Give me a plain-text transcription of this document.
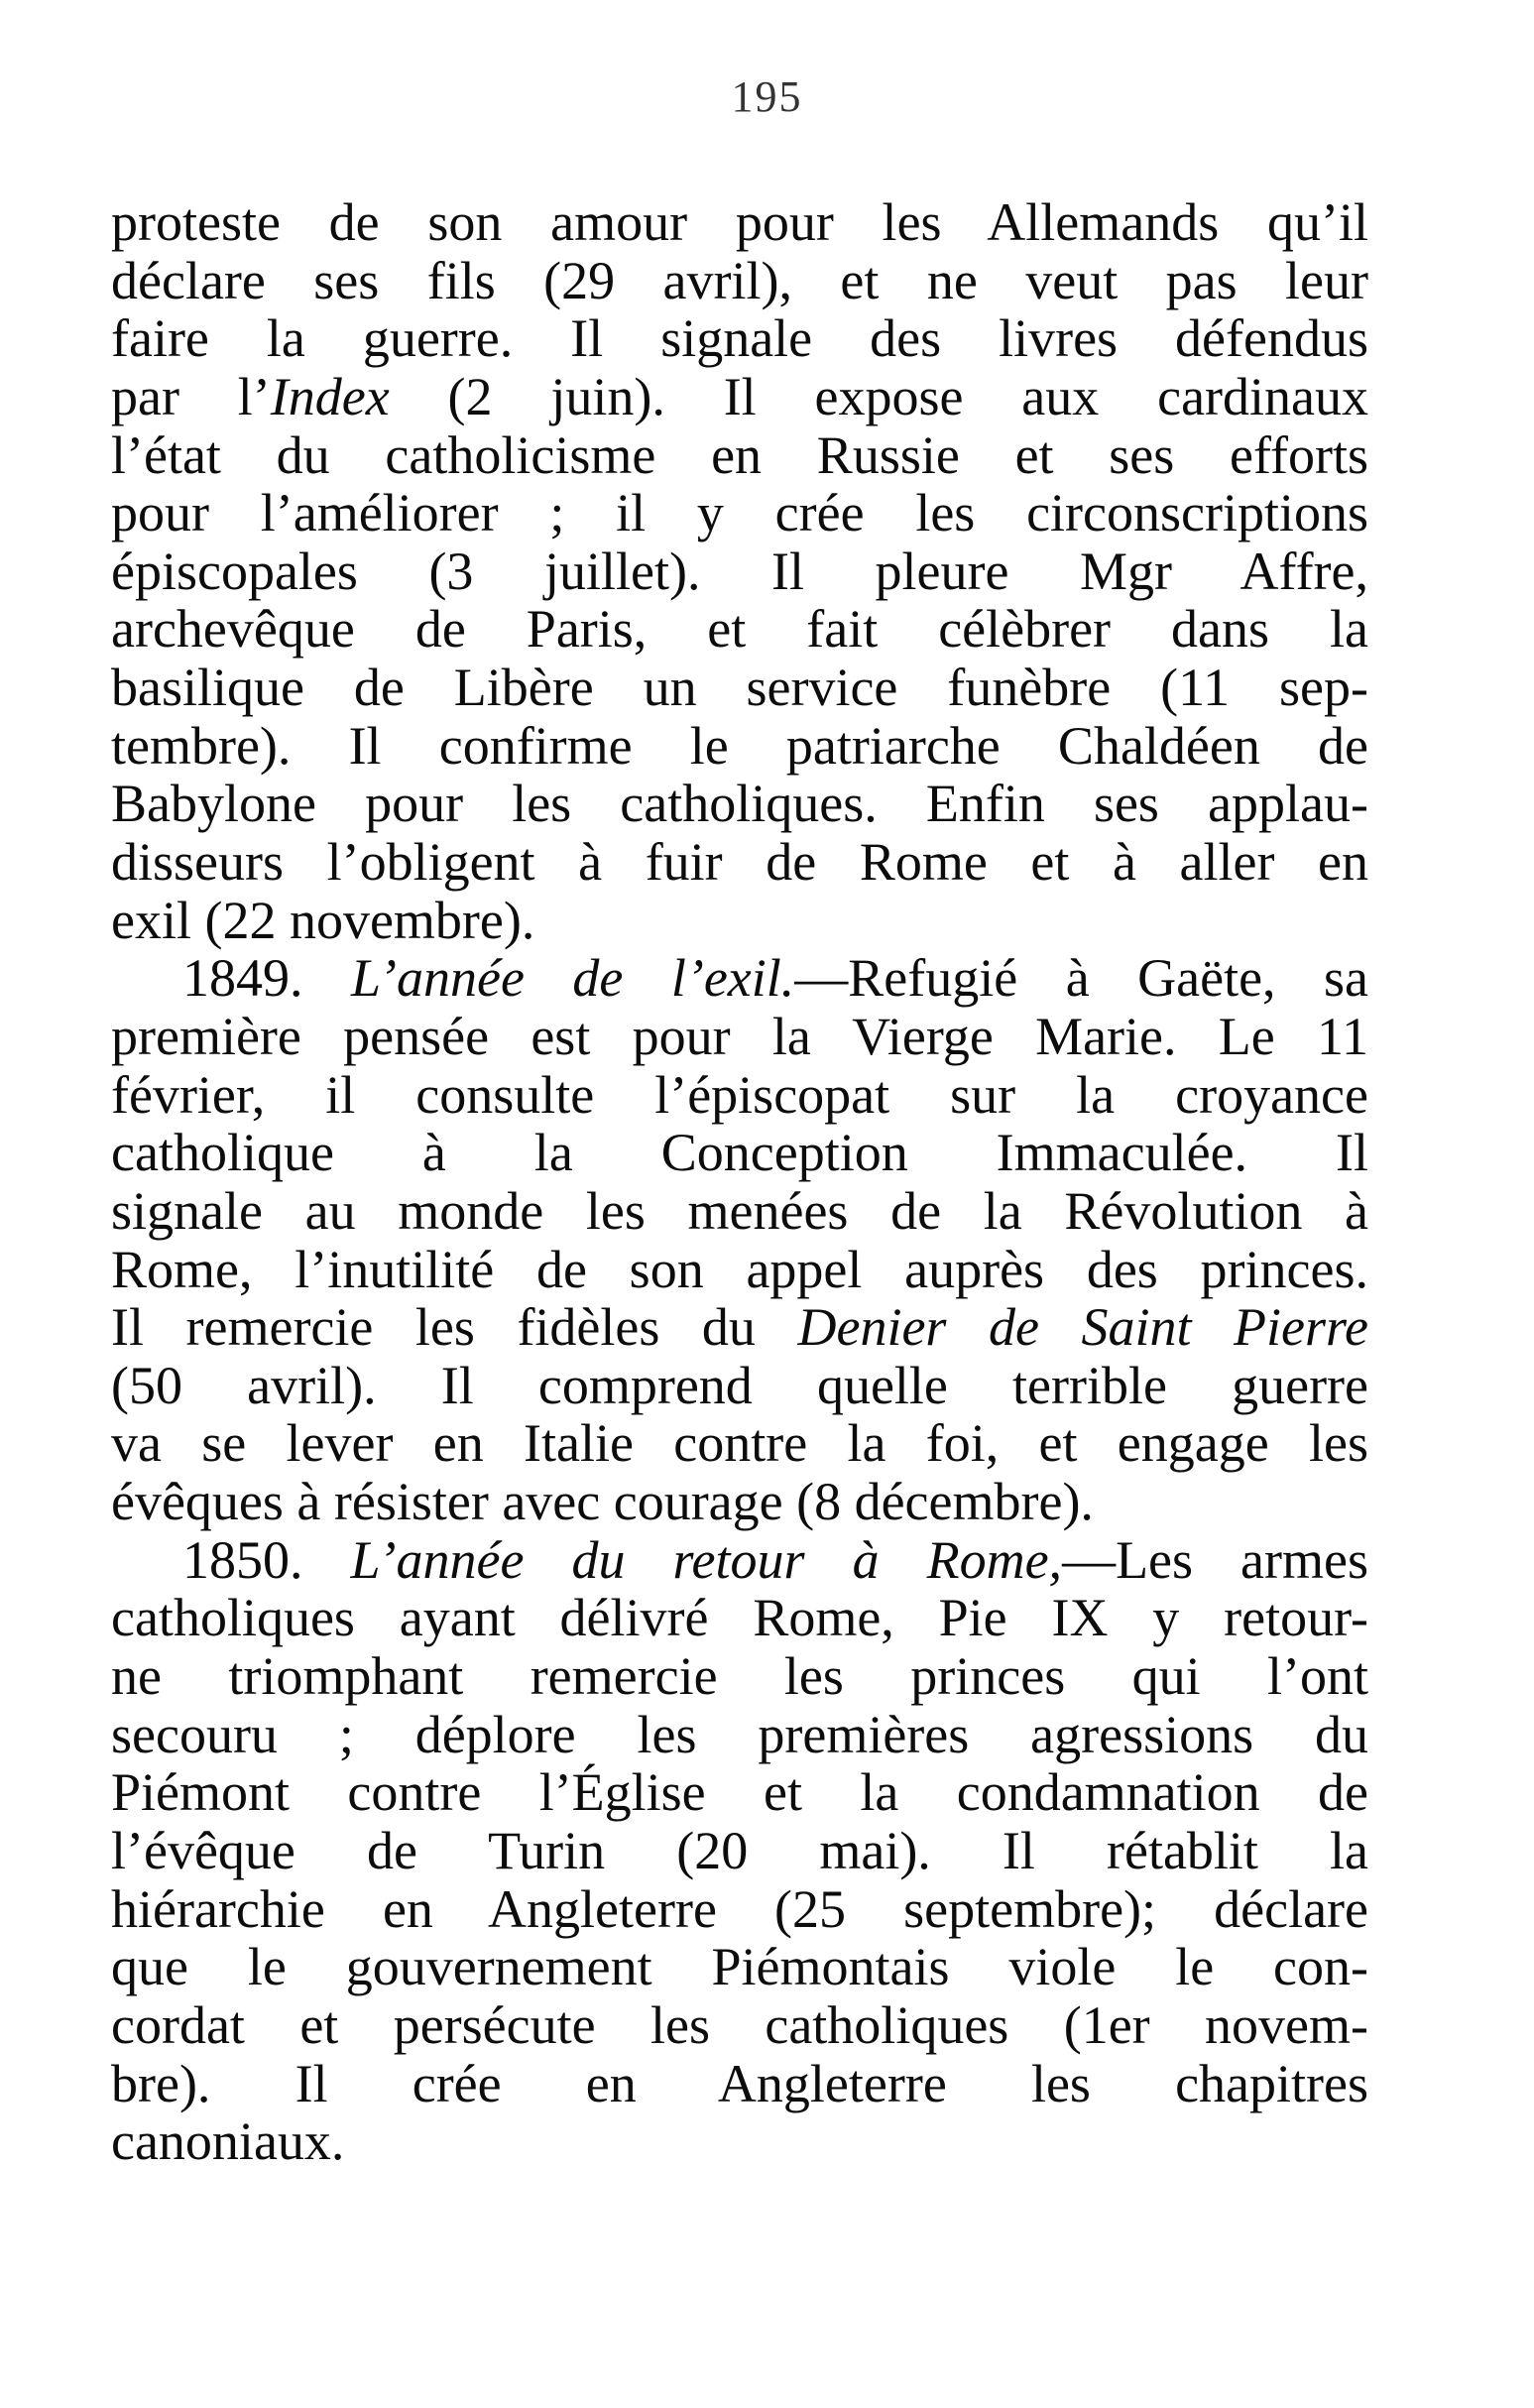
195
proteste de son amour pour les Allemands qu’il
déclare ses fils (29 avril), et ne veut pas leur
faire la guerre. Il signale des livres défendus
par l’Index (2 juin). Il expose aux cardinaux
l’état du catholicisme en Russie et ses efforts
pour l’améliorer ; il y crée les circonscriptions
épiscopales (3 juillet). Il pleure Mgr Affre,
archevêque de Paris, et fait célèbrer dans la
basilique de Libère un service funèbre (11 sep-
tembre). Il confirme le patriarche Chaldéen de
Babylone pour les catholiques. Enfin ses applau-
disseurs l’obligent à fuir de Rome et à aller en
exil (22 novembre).
1849. L’année de l’exil.—Refugié à Gaëte, sa
première pensée est pour la Vierge Marie. Le 11
février, il consulte l’épiscopat sur la croyance
catholique à la Conception Immaculée. Il
signale au monde les menées de la Révolution à
Rome, l’inutilité de son appel auprès des princes.
Il remercie les fidèles du Denier de Saint Pierre
(50 avril). Il comprend quelle terrible guerre
va se lever en Italie contre la foi, et engage les
évêques à résister avec courage (8 décembre).
1850. L’année du retour à Rome,—Les armes
catholiques ayant délivré Rome, Pie IX y retour-
ne triomphant remercie les princes qui l’ont
secouru ; déplore les premières agressions du
Piémont contre l’Église et la condamnation de
l’évêque de Turin (20 mai). Il rétablit la
hiérarchie en Angleterre (25 septembre); déclare
que le gouvernement Piémontais viole le con-
cordat et persécute les catholiques (1er novem-
bre). Il crée en Angleterre les chapitres
canoniaux.
